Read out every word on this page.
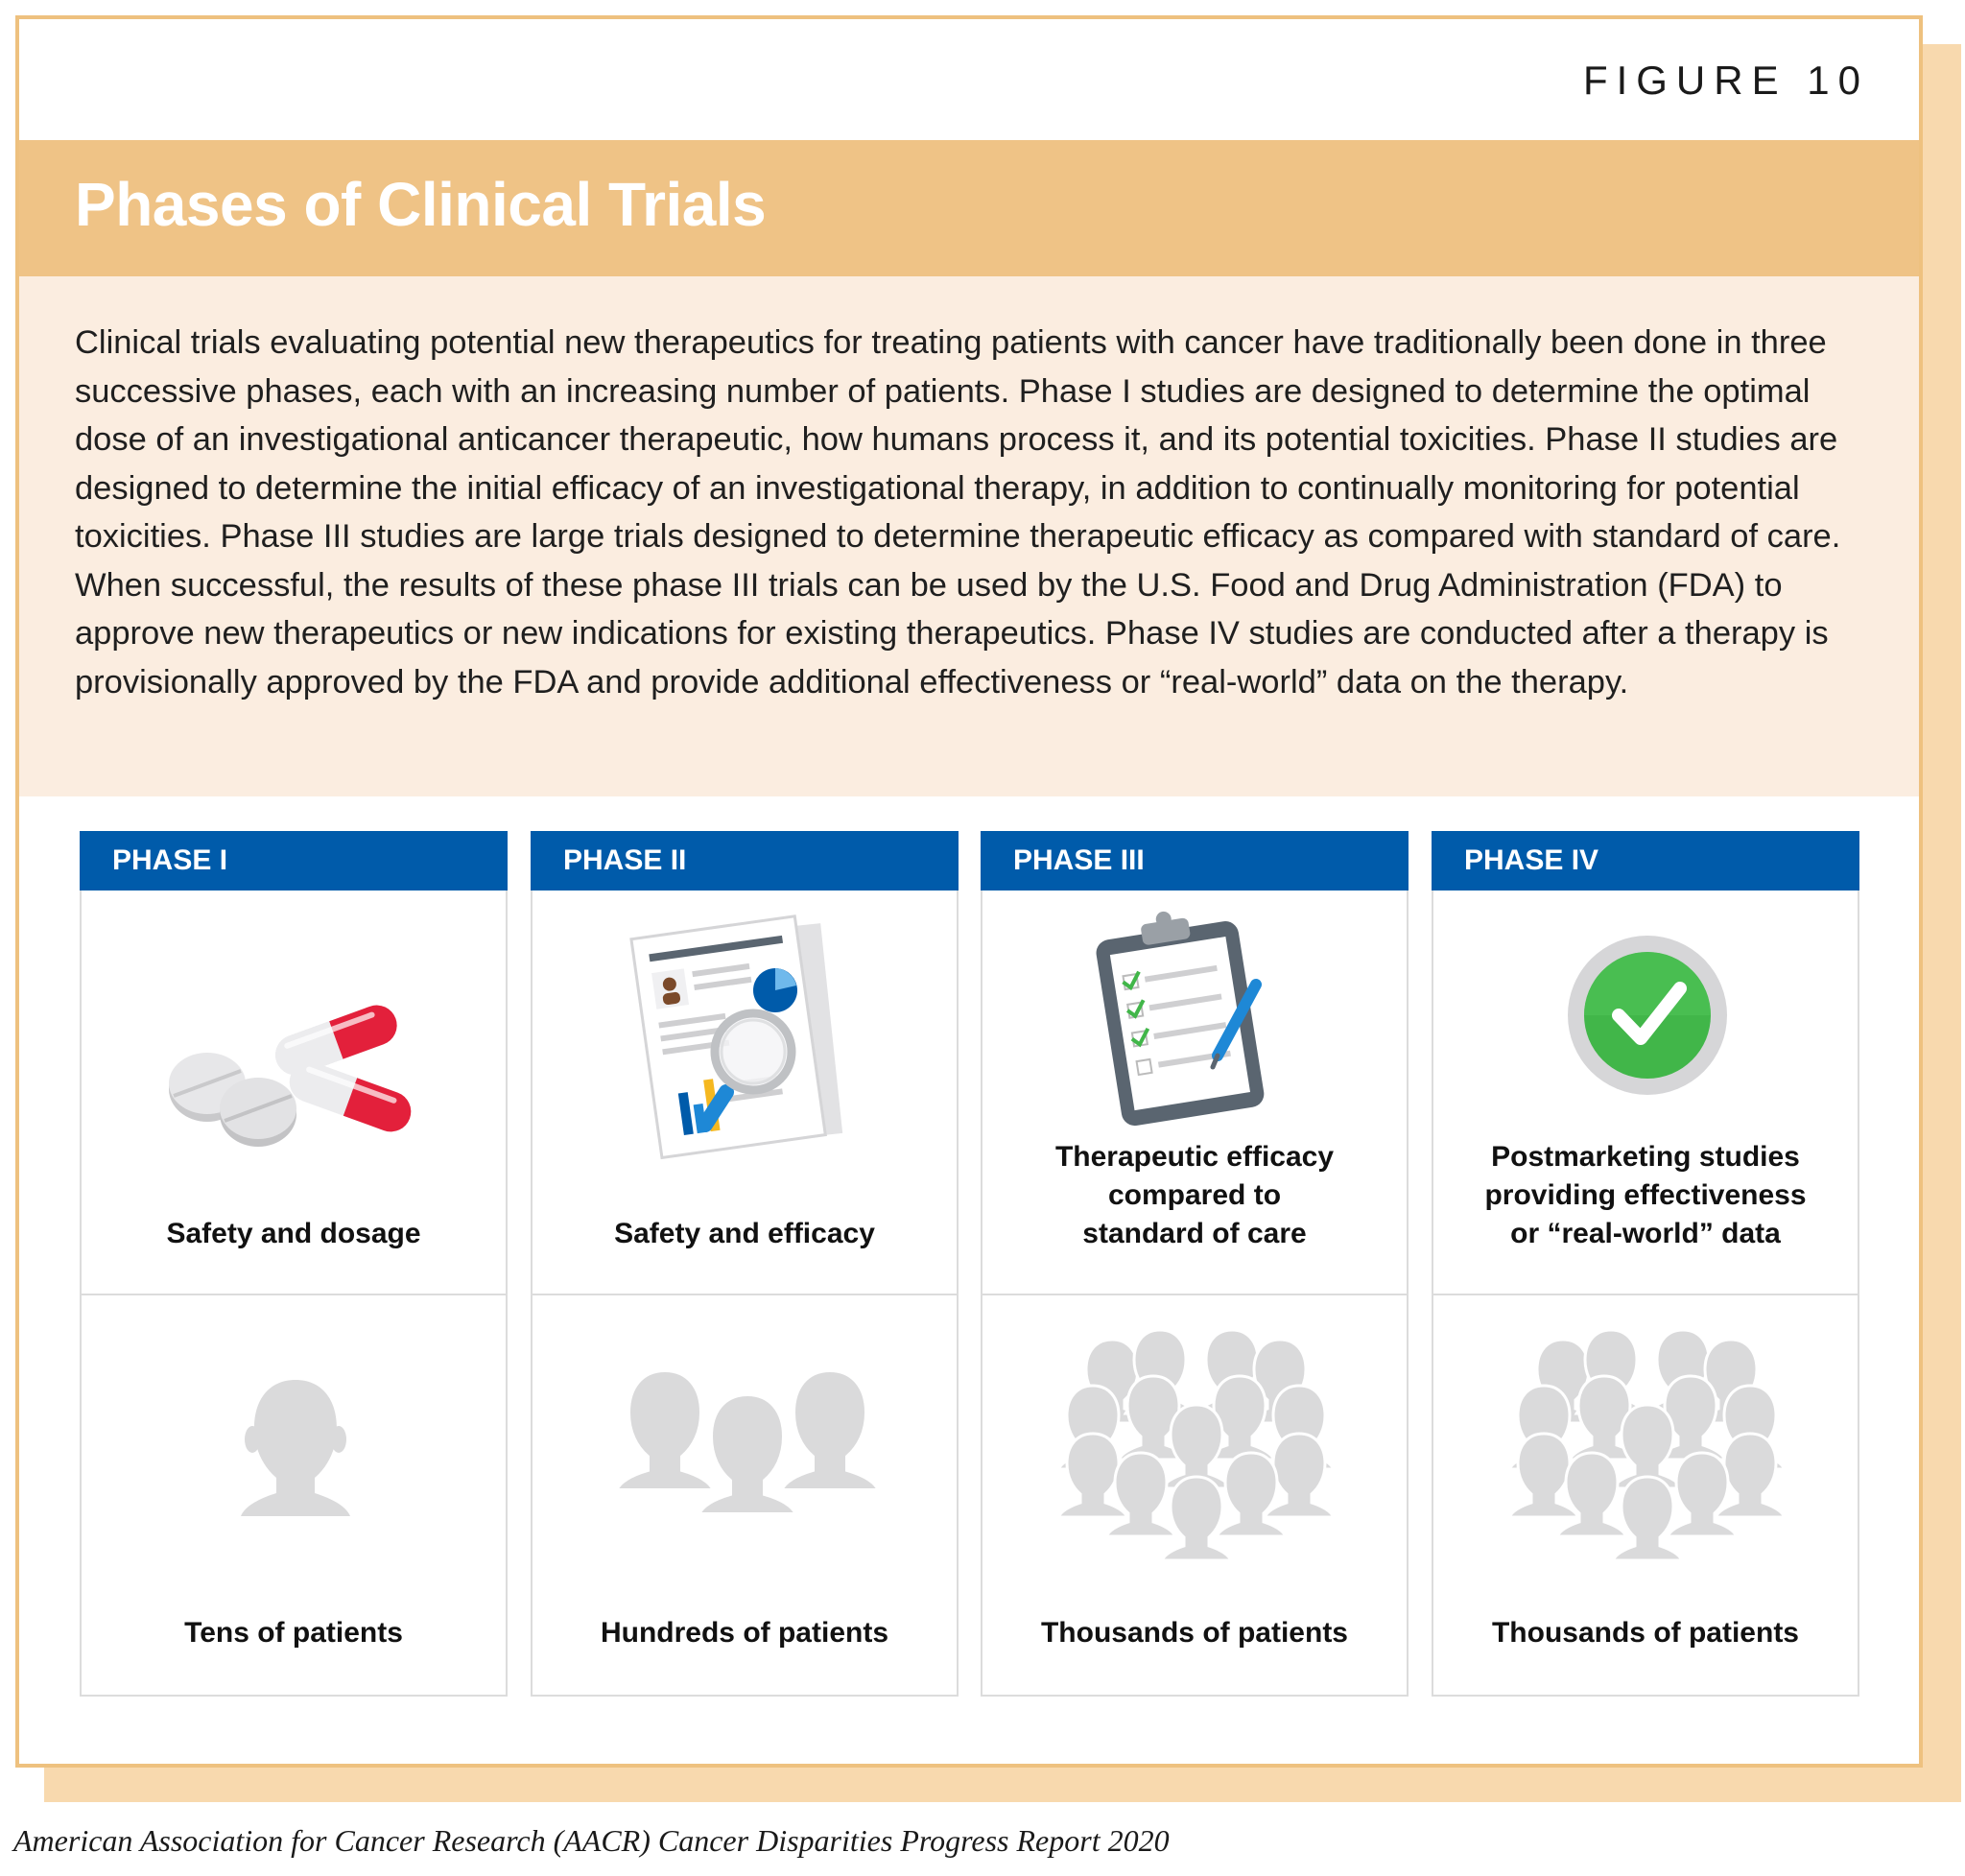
FIGURE 10
Phases of Clinical Trials

Clinical trials evaluating potential new therapeutics for treating patients with cancer have traditionally been done in three successive phases, each with an increasing number of patients. Phase I studies are designed to determine the optimal dose of an investigational anticancer therapeutic, how humans process it, and its potential toxicities. Phase II studies are designed to determine the initial efficacy of an investigational therapy, in addition to continually monitoring for potential toxicities. Phase III studies are large trials designed to determine therapeutic efficacy as compared with standard of care. When successful, the results of these phase III trials can be used by the U.S. Food and Drug Administration (FDA) to approve new therapeutics or new indications for existing therapeutics. Phase IV studies are conducted after a therapy is provisionally approved by the FDA and provide additional effectiveness or “real-world” data on the therapy.

PHASE I
Safety and dosage
Tens of patients
PHASE II
Safety and efficacy
Hundreds of patients
PHASE III
Therapeutic efficacy
compared to
standard of care
Thousands of patients
PHASE IV
Postmarketing studies
providing effectiveness
or “real-world” data
Thousands of patients
American Association for Cancer Research (AACR) Cancer Disparities Progress Report 2020
